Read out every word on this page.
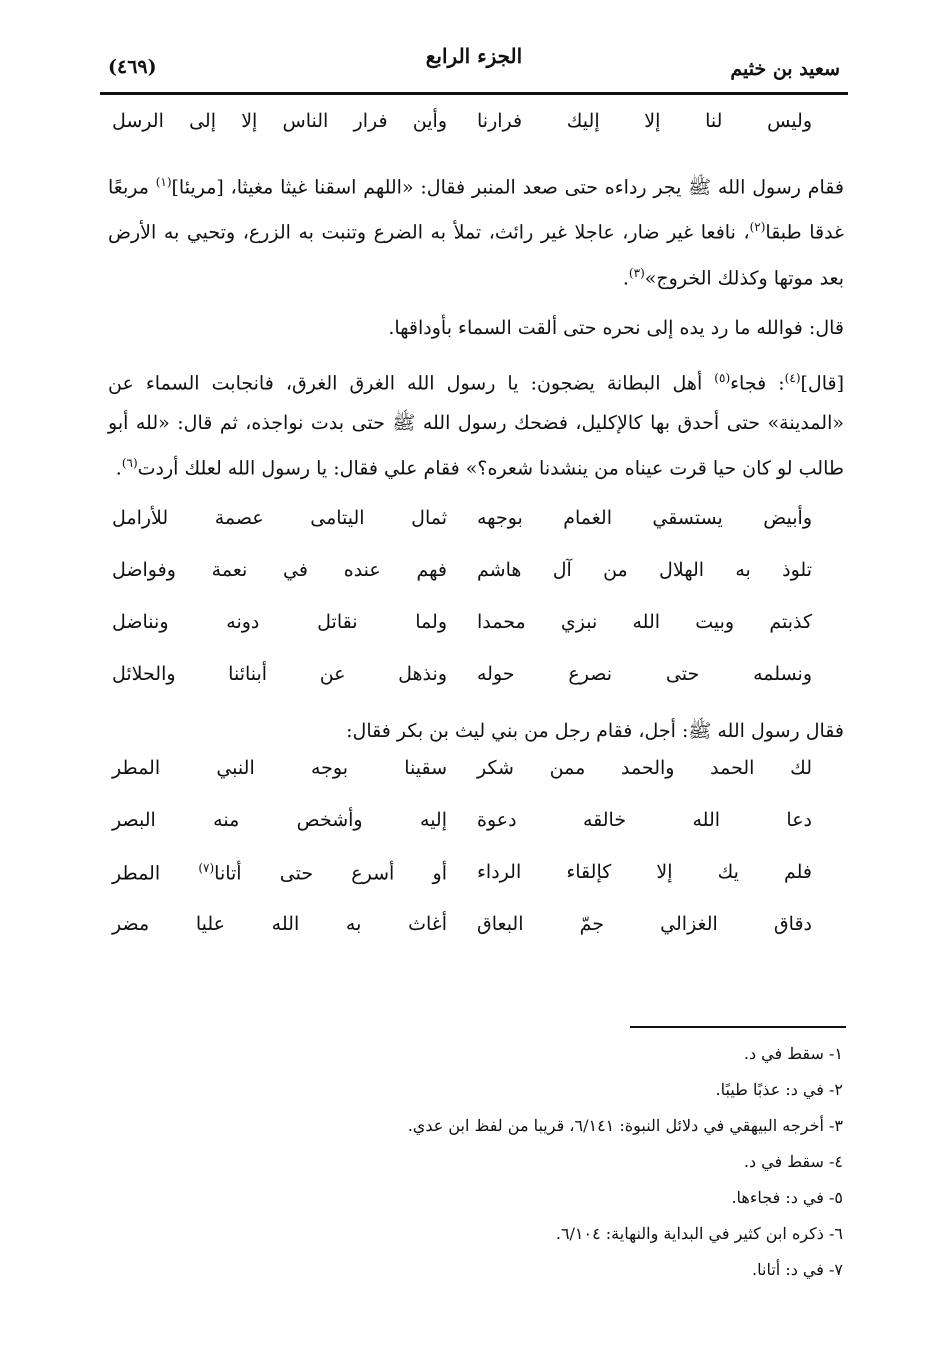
سعيد بن خثيم
الجزء الرابع
(٤٦٩)
وليس لنا إلا إليك فرارنا
وأين فرار الناس إلا إلى الرسل

فقام رسول الله ﷺ يجر رداءه حتى صعد المنبر فقال: «اللهم اسقنا غيثا مغيثا، [مريئا]$^{(١)}$ مربعًا غدقا طبقا$^{(٢)}$، نافعا غير ضار، عاجلا غير رائث، تملأ به الضرع وتنبت به الزرع، وتحيي به الأرض بعد موتها وكذلك الخروج»$^{(٣)}$.

قال: فوالله ما رد يده إلى نحره حتى ألقت السماء بأوداقها.

[قال]$^{(٤)}$: فجاء$^{(٥)}$ أهل البطانة يضجون: يا رسول الله الغرق الغرق، فانجابت السماء عن «المدينة» حتى أحدق بها كالإكليل، فضحك رسول الله ﷺ حتى بدت نواجذه، ثم قال: «لله أبو طالب لو كان حيا قرت عيناه من ينشدنا شعره؟» فقام علي فقال: يا رسول الله لعلك أردت$^{(٦)}$.

وأبيض يستسقي الغمام بوجهه
ثمال اليتامى عصمة للأرامل
تلوذ به الهلال من آل هاشم
فهم عنده في نعمة وفواضل
كذبتم وبيت الله نبزي محمدا
ولما نقاتل دونه ونناضل
ونسلمه حتى نصرع حوله
ونذهل عن أبنائنا والحلائل

فقال رسول الله ﷺ: أجل، فقام رجل من بني ليث بن بكر فقال:

لك الحمد والحمد ممن شكر
سقينا بوجه النبي المطر
دعا الله خالقه دعوة
إليه وأشخص منه البصر
فلم يك إلا كإلقاء الرداء
أو أسرع حتى أتانا$^{(٧)}$ المطر
دقاق الغزالي جمّ البعاق
أغاث به الله عليا مضر
١- سقط في د.
٢- في د: عذبًا طيبًا.
٣- أخرجه البيهقي في دلائل النبوة: ٦/١٤١، قريبا من لفظ ابن عدي.
٤- سقط في د.
٥- في د: فجاءها.
٦- ذكره ابن كثير في البداية والنهاية: ٦/١٠٤.
٧- في د: أتانا.
